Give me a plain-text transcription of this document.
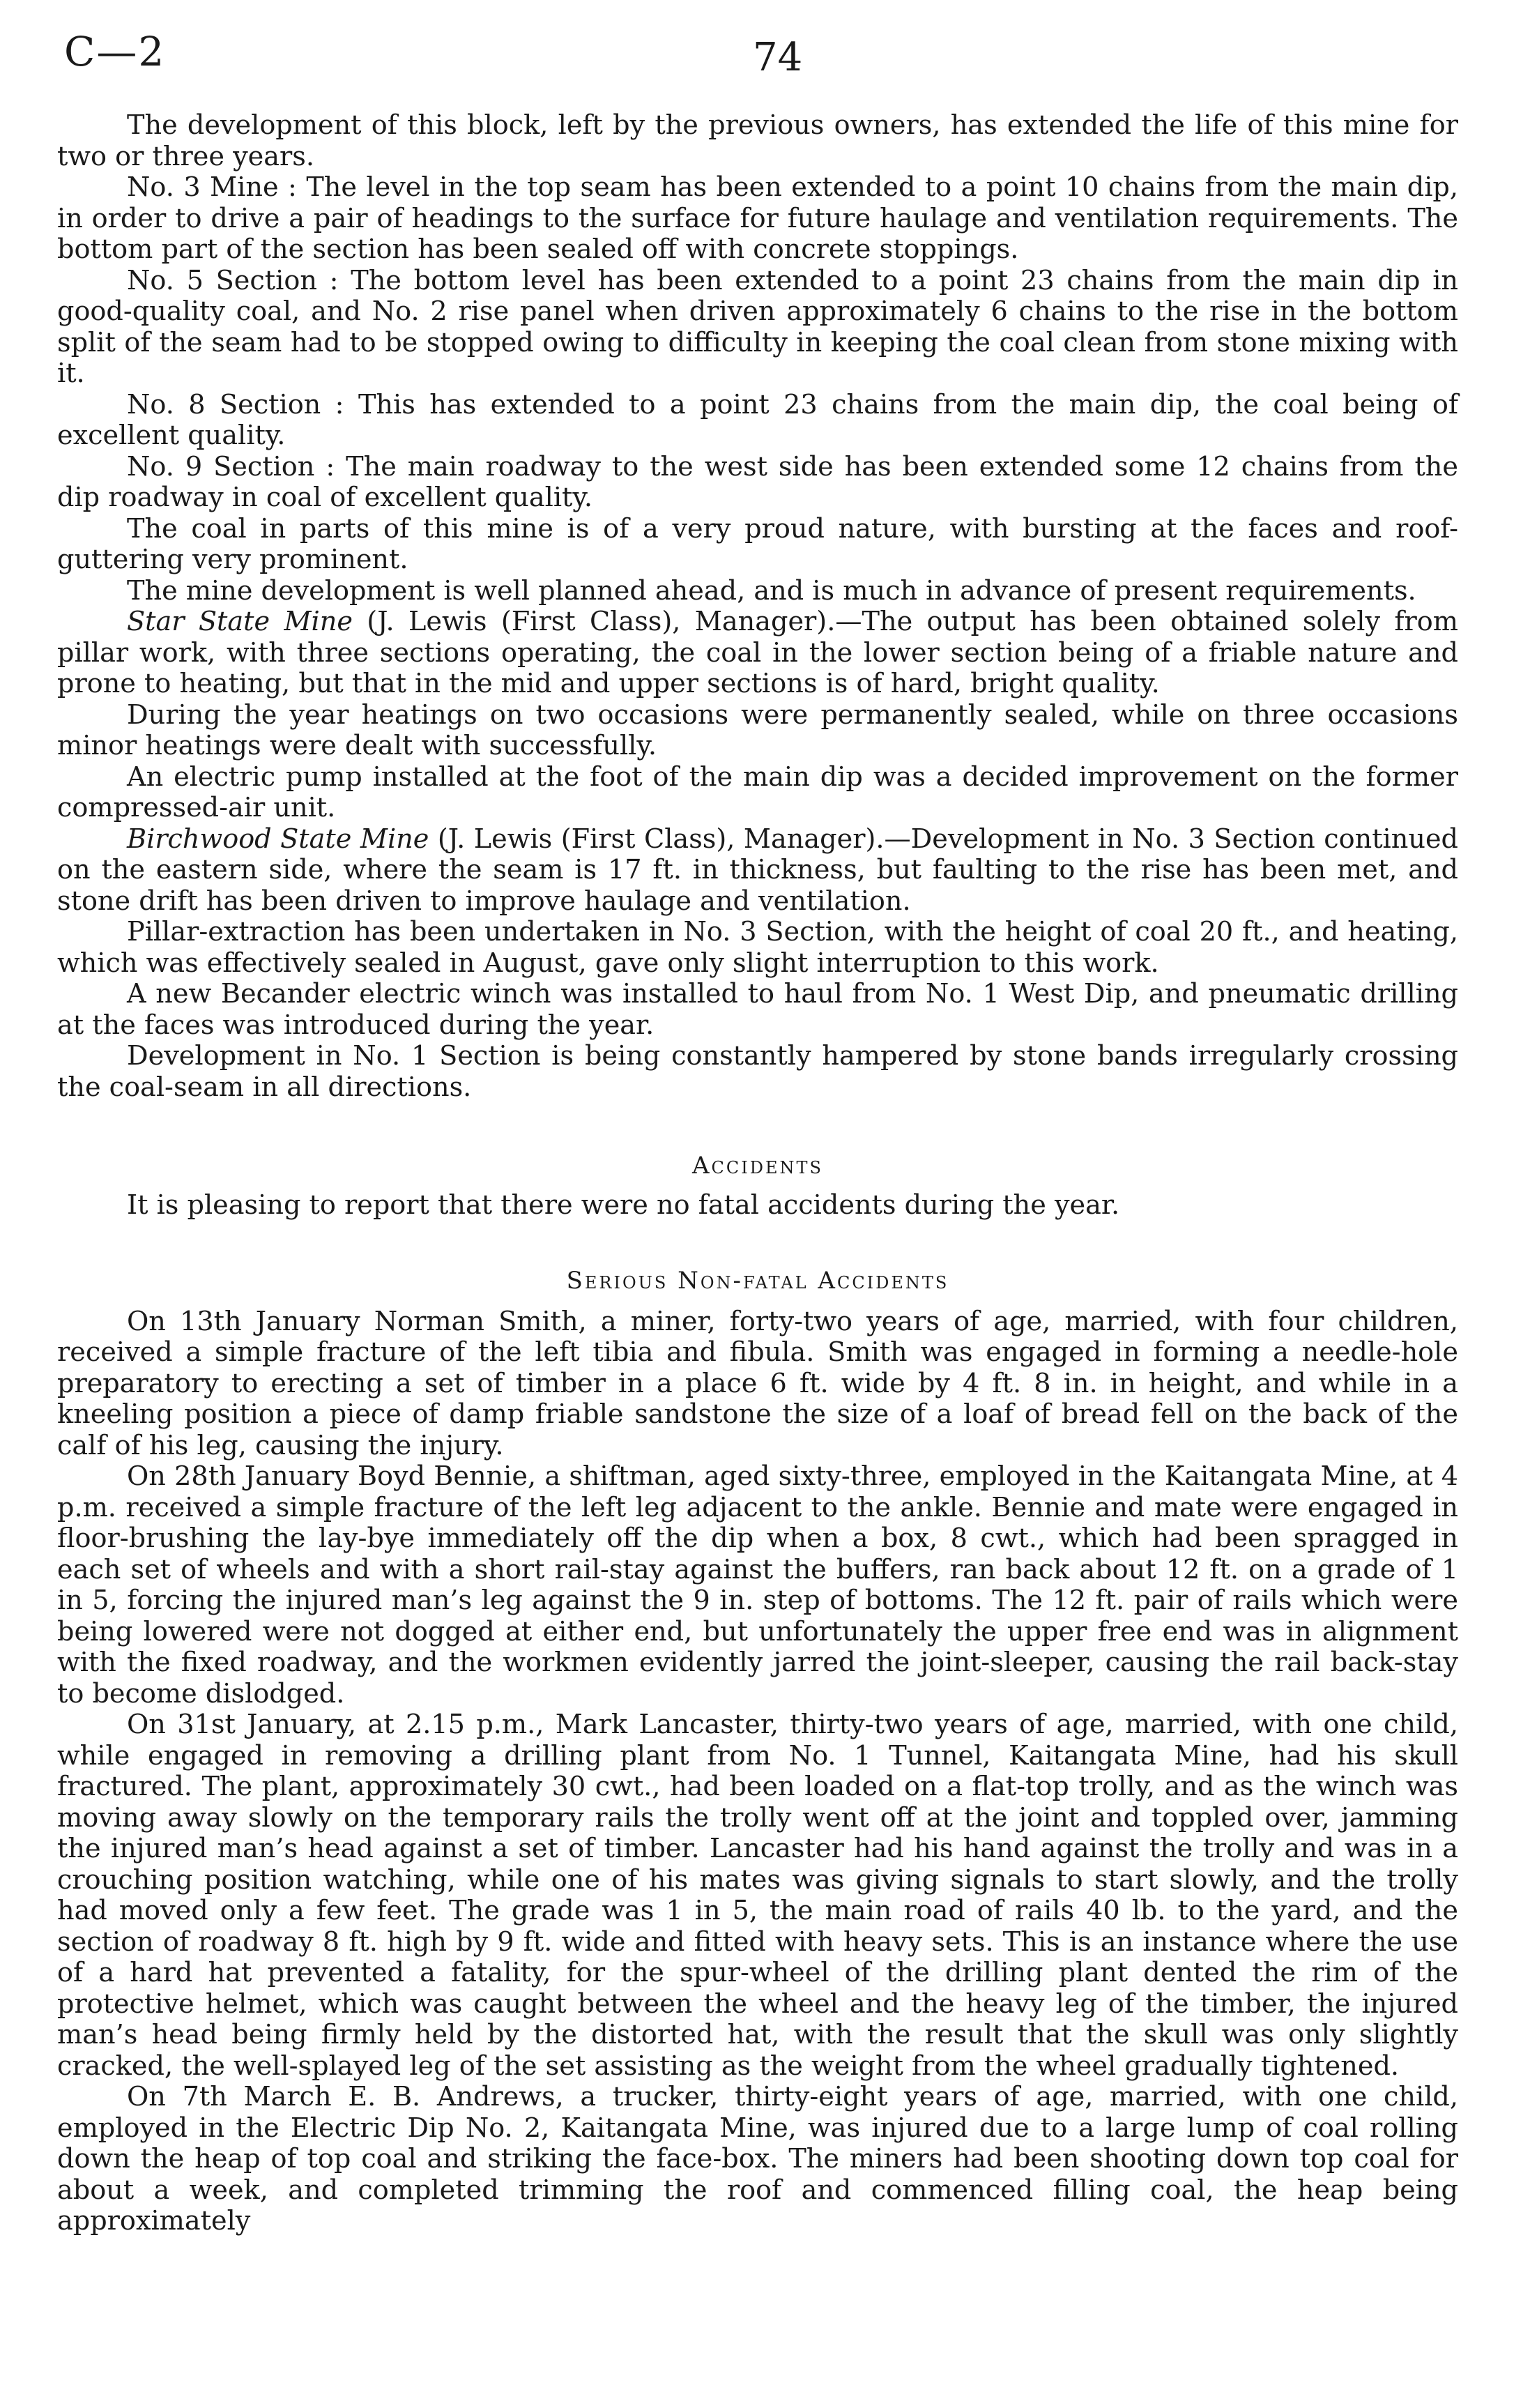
C—2	74

The development of this block, left by the previous owners, has extended the life of this mine for two or three years.

No. 3 Mine : The level in the top seam has been extended to a point 10 chains from the main dip, in order to drive a pair of headings to the surface for future haulage and ventilation requirements. The bottom part of the section has been sealed off with concrete stoppings.

No. 5 Section : The bottom level has been extended to a point 23 chains from the main dip in good-quality coal, and No. 2 rise panel when driven approximately 6 chains to the rise in the bottom split of the seam had to be stopped owing to difficulty in keeping the coal clean from stone mixing with it.

No. 8 Section : This has extended to a point 23 chains from the main dip, the coal being of excellent quality.

No. 9 Section : The main roadway to the west side has been extended some 12 chains from the dip roadway in coal of excellent quality.

The coal in parts of this mine is of a very proud nature, with bursting at the faces and roof-guttering very prominent.

The mine development is well planned ahead, and is much in advance of present requirements.

Star State Mine (J. Lewis (First Class), Manager).—The output has been obtained solely from pillar work, with three sections operating, the coal in the lower section being of a friable nature and prone to heating, but that in the mid and upper sections is of hard, bright quality.

During the year heatings on two occasions were permanently sealed, while on three occasions minor heatings were dealt with successfully.

An electric pump installed at the foot of the main dip was a decided improvement on the former compressed-air unit.

Birchwood State Mine (J. Lewis (First Class), Manager).—Development in No. 3 Section continued on the eastern side, where the seam is 17 ft. in thickness, but faulting to the rise has been met, and stone drift has been driven to improve haulage and ventilation.

Pillar-extraction has been undertaken in No. 3 Section, with the height of coal 20 ft., and heating, which was effectively sealed in August, gave only slight interruption to this work.

A new Becander electric winch was installed to haul from No. 1 West Dip, and pneumatic drilling at the faces was introduced during the year.

Development in No. 1 Section is being constantly hampered by stone bands irregularly crossing the coal-seam in all directions.

Accidents

It is pleasing to report that there were no fatal accidents during the year.

Serious Non-fatal Accidents

On 13th January Norman Smith, a miner, forty-two years of age, married, with four children, received a simple fracture of the left tibia and fibula. Smith was engaged in forming a needle-hole preparatory to erecting a set of timber in a place 6 ft. wide by 4 ft. 8 in. in height, and while in a kneeling position a piece of damp friable sandstone the size of a loaf of bread fell on the back of the calf of his leg, causing the injury.

On 28th January Boyd Bennie, a shiftman, aged sixty-three, employed in the Kaitangata Mine, at 4 p.m. received a simple fracture of the left leg adjacent to the ankle. Bennie and mate were engaged in floor-brushing the lay-bye immediately off the dip when a box, 8 cwt., which had been spragged in each set of wheels and with a short rail-stay against the buffers, ran back about 12 ft. on a grade of 1 in 5, forcing the injured man’s leg against the 9 in. step of bottoms. The 12 ft. pair of rails which were being lowered were not dogged at either end, but unfortunately the upper free end was in alignment with the fixed roadway, and the workmen evidently jarred the joint-sleeper, causing the rail back-stay to become dislodged.

On 31st January, at 2.15 p.m., Mark Lancaster, thirty-two years of age, married, with one child, while engaged in removing a drilling plant from No. 1 Tunnel, Kaitangata Mine, had his skull fractured. The plant, approximately 30 cwt., had been loaded on a flat-top trolly, and as the winch was moving away slowly on the temporary rails the trolly went off at the joint and toppled over, jamming the injured man’s head against a set of timber. Lancaster had his hand against the trolly and was in a crouching position watching, while one of his mates was giving signals to start slowly, and the trolly had moved only a few feet. The grade was 1 in 5, the main road of rails 40 lb. to the yard, and the section of roadway 8 ft. high by 9 ft. wide and fitted with heavy sets. This is an instance where the use of a hard hat prevented a fatality, for the spur-wheel of the drilling plant dented the rim of the protective helmet, which was caught between the wheel and the heavy leg of the timber, the injured man’s head being firmly held by the distorted hat, with the result that the skull was only slightly cracked, the well-splayed leg of the set assisting as the weight from the wheel gradually tightened.

On 7th March E. B. Andrews, a trucker, thirty-eight years of age, married, with one child, employed in the Electric Dip No. 2, Kaitangata Mine, was injured due to a large lump of coal rolling down the heap of top coal and striking the face-box. The miners had been shooting down top coal for about a week, and completed trimming the roof and commenced filling coal, the heap being approximately
